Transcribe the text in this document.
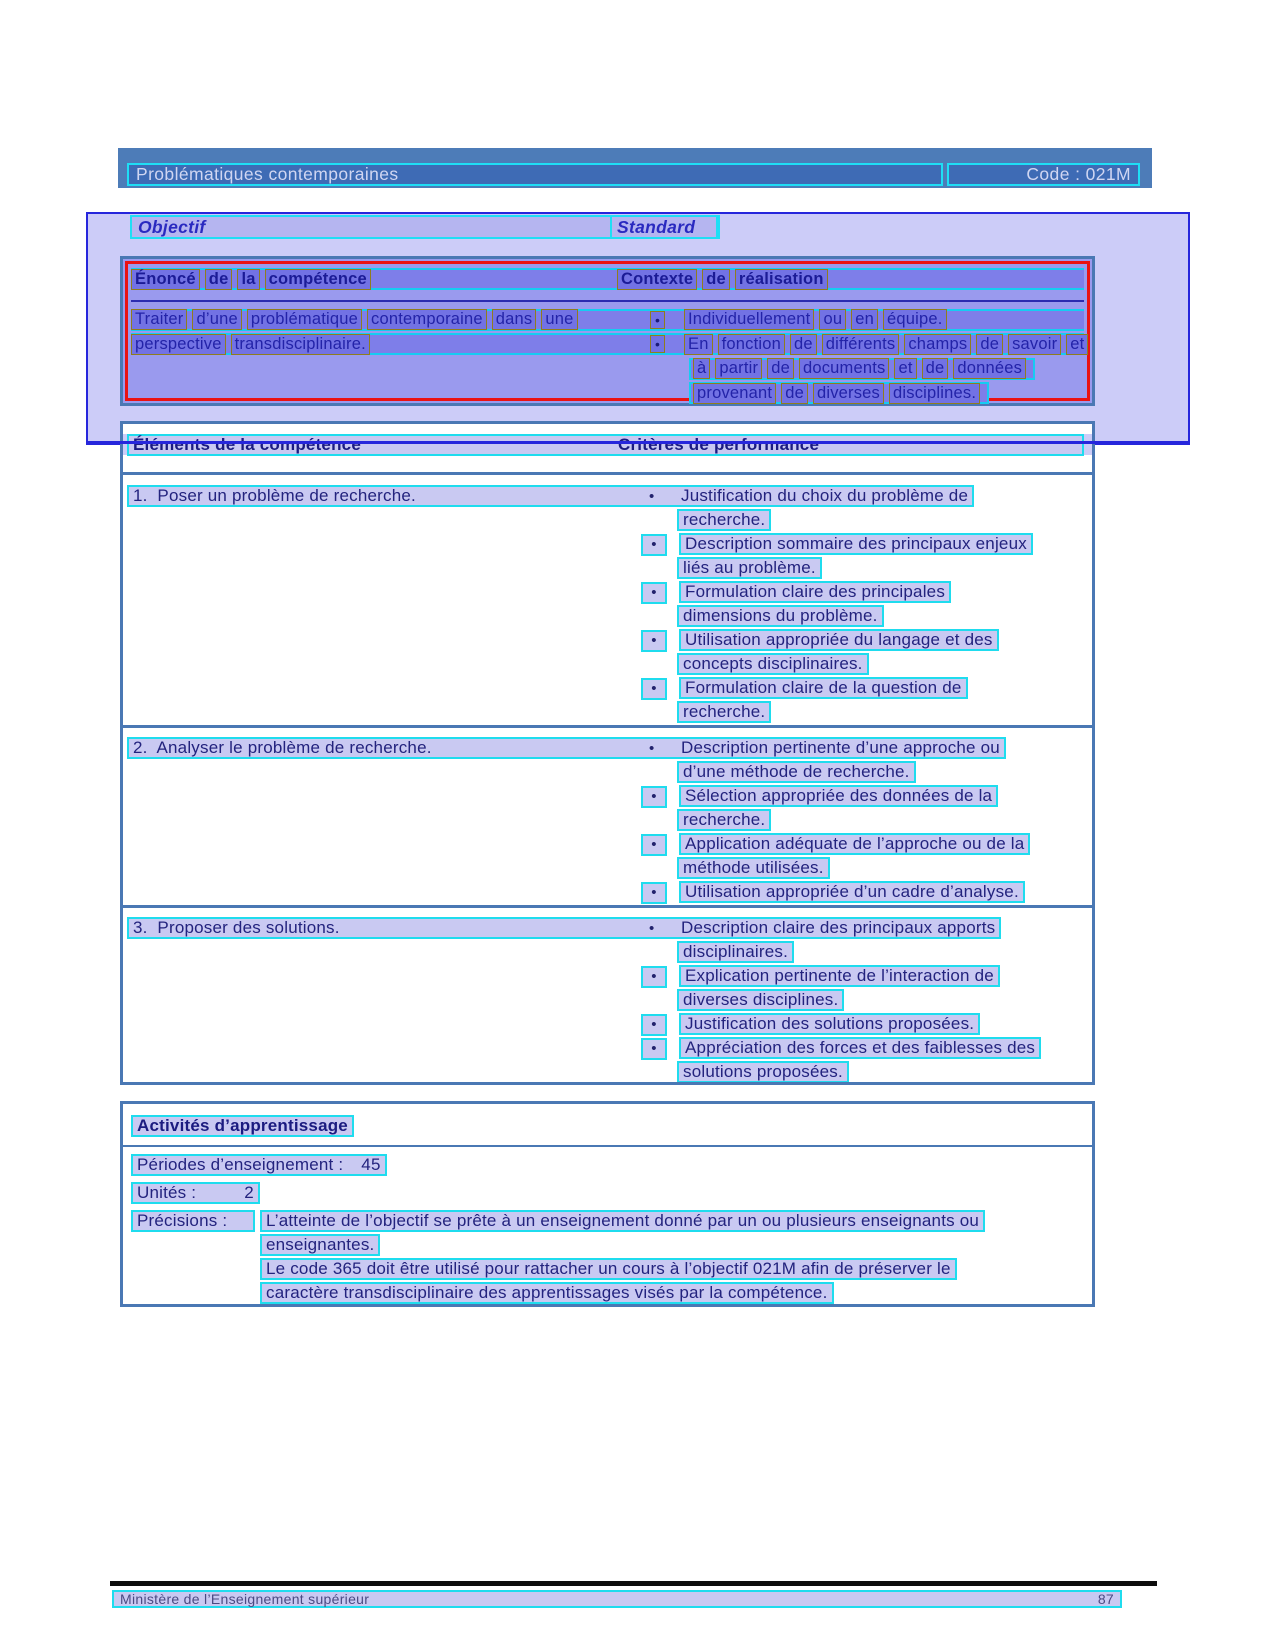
Problématiques contemporaines	Code : 021M
Objectif	Standard
Énoncé de la compétence	Contexte de réalisation
Traiter d’une problématique contemporaine dans une	• Individuellement ou en équipe.
perspective transdisciplinaire.	• En fonction de différents champs de savoir et
à partir de documents et de données
provenant de diverses disciplines.
Éléments de la compétence	Critères de performance
1.  Poser un problème de recherche.	• Justification du choix du problème de
recherche.
• Description sommaire des principaux enjeux
liés au problème.
• Formulation claire des principales
dimensions du problème.
• Utilisation appropriée du langage et des
concepts disciplinaires.
• Formulation claire de la question de
recherche.
2.  Analyser le problème de recherche.	• Description pertinente d’une approche ou
d’une méthode de recherche.
• Sélection appropriée des données de la
recherche.
• Application adéquate de l’approche ou de la
méthode utilisées.
• Utilisation appropriée d’un cadre d’analyse.
3.  Proposer des solutions.	• Description claire des principaux apports
disciplinaires.
• Explication pertinente de l’interaction de
diverses disciplines.
• Justification des solutions proposées.
• Appréciation des forces et des faiblesses des
solutions proposées.
Activités d’apprentissage
Périodes d’enseignement : 45
Unités :	2
Précisions : L’atteinte de l’objectif se prête à un enseignement donné par un ou plusieurs enseignants ou
enseignantes.
Le code 365 doit être utilisé pour rattacher un cours à l’objectif 021M afin de préserver le
caractère transdisciplinaire des apprentissages visés par la compétence.
Ministère de l’Enseignement supérieur	87
